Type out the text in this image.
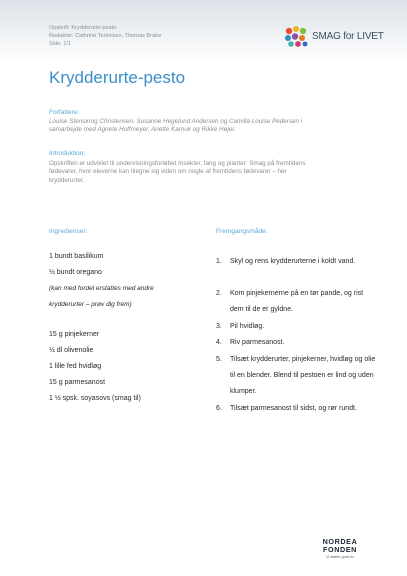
Opskrift: Krydderurte-pesto
Redaktør: Cathrine Terkelsen, Thomas Brahe
Side: 1/1
SMAG for LIVET
Krydderurte-pesto
Forfattere:
Louise Stenskrog Christensen, Susanne Hegelund Andersen og Camilla Louise Pedersen i
samarbejde med Agnete Hoffmeyer, Anette Karnuk og Rikke Højer.
Introduktion:
Opskriften er udviklet til undervisningsforløbet Insekter, tang og planter: Smag på fremtidens
fødevarer, hvor eleverne kan tilegne sig viden om nogle af fremtidens fødevarer – her
krydderurter.
Ingredienser:	Fremgangsmåde:
1 bundt basilikum
½ bundt oregano
(kan med fordel erstattes med andre
krydderurter – prøv dig frem)
15 g pinjekerner
½ dl olivenolie
1 lille fed hvidløg
15 g parmesanost
1 ½ spsk. soyasovs (smag til)
1. Skyl og rens krydderurterne i koldt vand.
2. Kom pinjekernerne på en tør pande, og rist dem til de er gyldne.
3. Pil hvidløg.
4. Riv parmesanost.
5. Tilsæt krydderurter, pinjekerner, hvidløg og olie til en blender. Blend til pestoen er lind og uden klumper.
6. Tilsæt parmesanost til sidst, og rør rundt.
NORDEA
FONDEN
Vi støtter gode liv
